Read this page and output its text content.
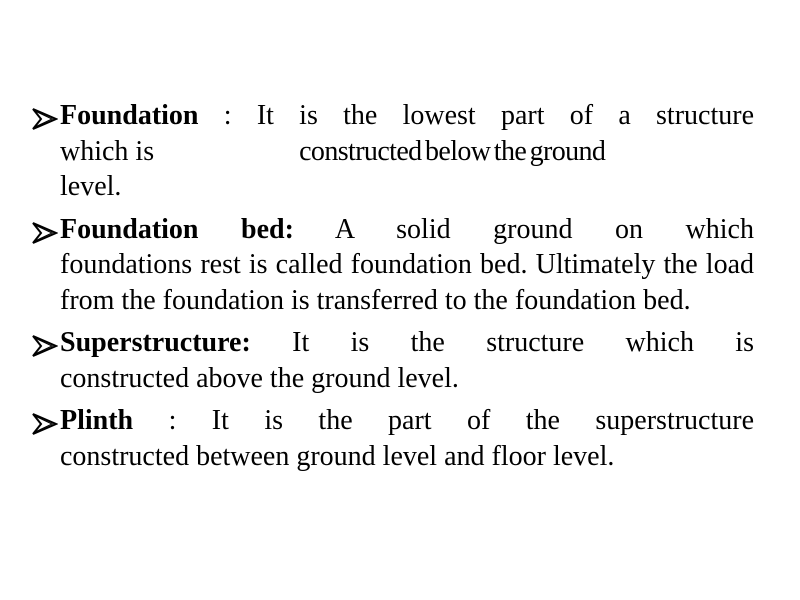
Foundation : It is the lowest part of a structure
which is	constructed below the ground
level.
Foundation bed: A solid ground on which
foundations rest is called foundation bed. Ultimately the load from the foundation is transferred to the foundation bed.
Superstructure: It is the structure which is
constructed above the ground level.
Plinth : It is the part of the superstructure
constructed between ground level and floor level.
